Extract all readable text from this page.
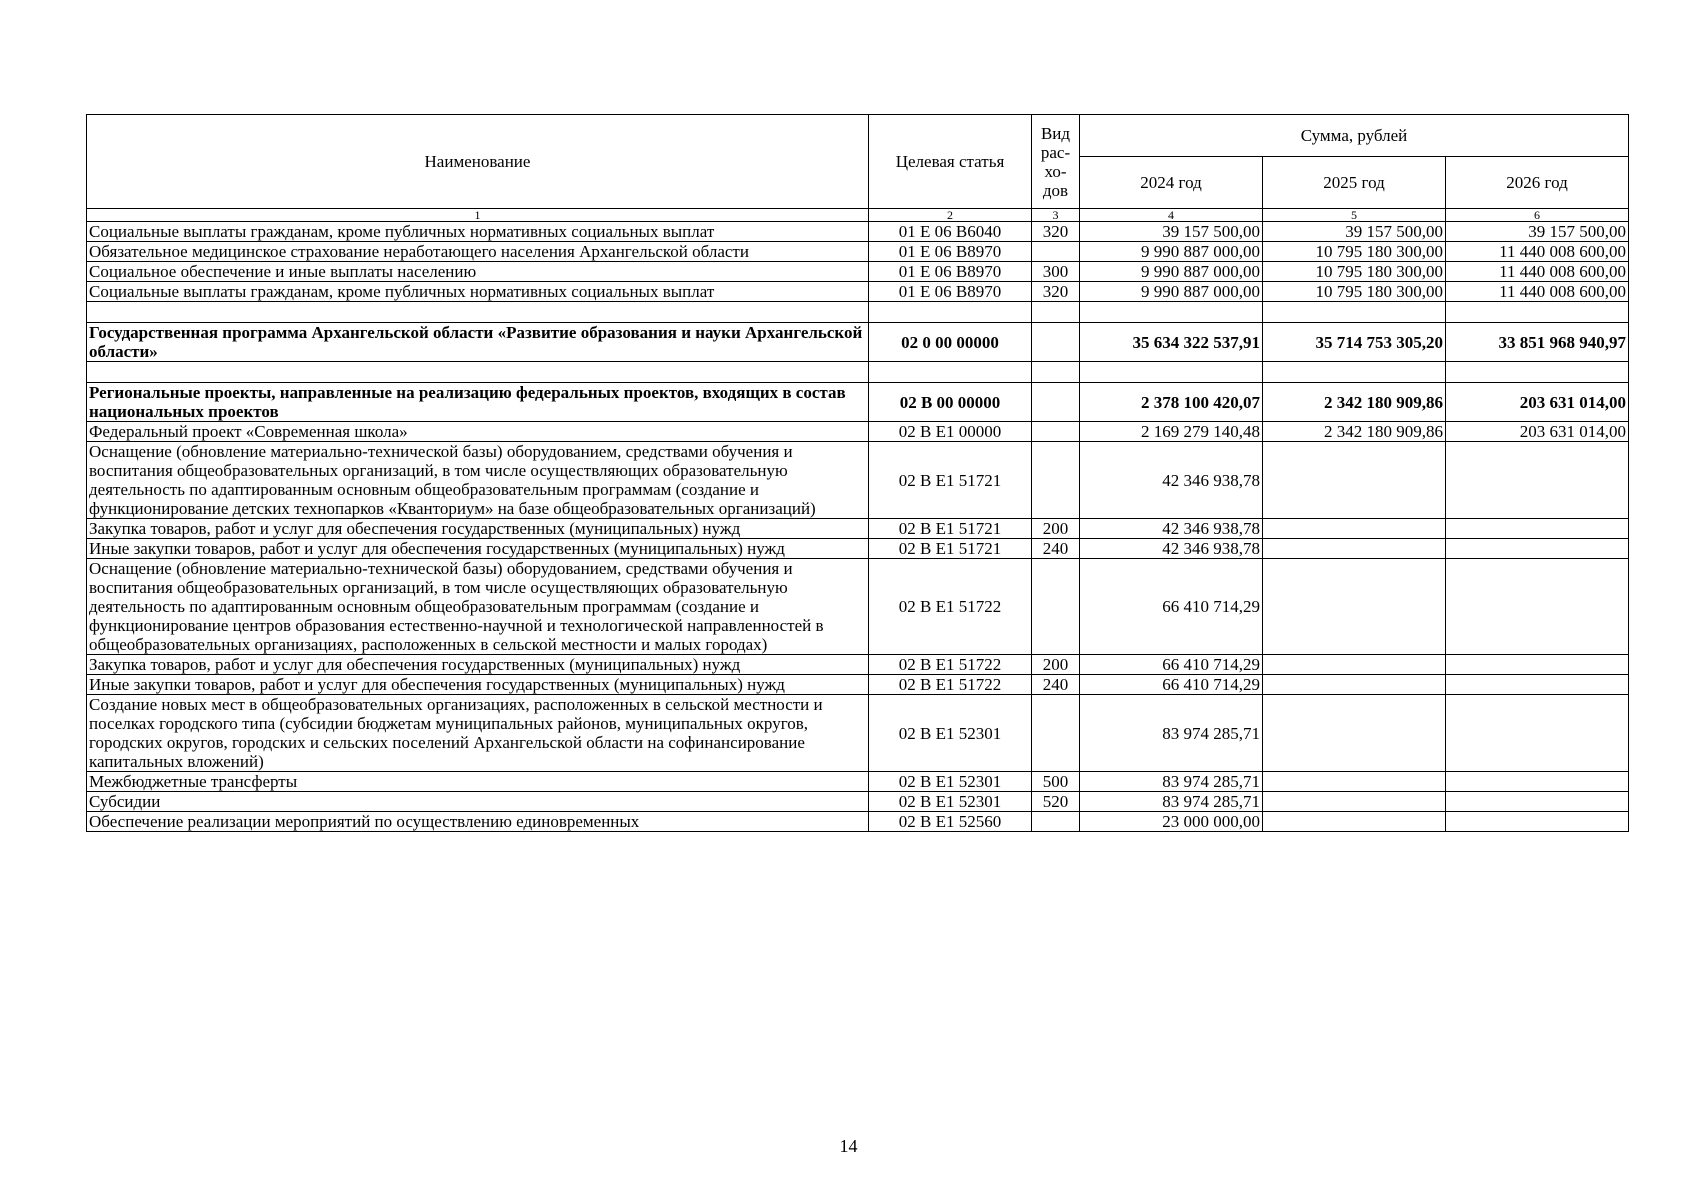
Наименование	Целевая статья	Вид рас-хо-дов	Сумма, рублей		
			2024 год	2025 год	2026 год
1	2	3	4	5	6
Социальные выплаты гражданам, кроме публичных нормативных социальных выплат	01 Е 06 В6040	320	39 157 500,00	39 157 500,00	39 157 500,00
Обязательное медицинское страхование неработающего населения Архангельской области	01 Е 06 В8970		9 990 887 000,00	10 795 180 300,00	11 440 008 600,00
Социальное обеспечение и иные выплаты населению	01 Е 06 В8970	300	9 990 887 000,00	10 795 180 300,00	11 440 008 600,00
Социальные выплаты гражданам, кроме публичных нормативных социальных выплат	01 Е 06 В8970	320	9 990 887 000,00	10 795 180 300,00	11 440 008 600,00

Государственная программа Архангельской области «Развитие образования и науки Архангельской области»	02 0 00 00000		35 634 322 537,91	35 714 753 305,20	33 851 968 940,97

Региональные проекты, направленные на реализацию федеральных проектов, входящих в состав национальных проектов	02 В 00 00000		2 378 100 420,07	2 342 180 909,86	203 631 014,00
Федеральный проект «Современная школа»	02 В Е1 00000		2 169 279 140,48	2 342 180 909,86	203 631 014,00
Оснащение (обновление материально-технической базы) оборудованием, средствами обучения и воспитания общеобразовательных организаций, в том числе осуществляющих образовательную деятельность по адаптированным основным общеобразовательным программам (создание и функционирование детских технопарков «Кванториум» на базе общеобразовательных организаций)	02 В Е1 51721		42 346 938,78		
Закупка товаров, работ и услуг для обеспечения государственных (муниципальных) нужд	02 В Е1 51721	200	42 346 938,78		
Иные закупки товаров, работ и услуг для обеспечения государственных (муниципальных) нужд	02 В Е1 51721	240	42 346 938,78		
Оснащение (обновление материально-технической базы) оборудованием, средствами обучения и воспитания общеобразовательных организаций, в том числе осуществляющих образовательную деятельность по адаптированным основным общеобразовательным программам (создание и функционирование центров образования естественно-научной и технологической направленностей в общеобразовательных организациях, расположенных в сельской местности и малых городах)	02 В Е1 51722		66 410 714,29		
Закупка товаров, работ и услуг для обеспечения государственных (муниципальных) нужд	02 В Е1 51722	200	66 410 714,29		
Иные закупки товаров, работ и услуг для обеспечения государственных (муниципальных) нужд	02 В Е1 51722	240	66 410 714,29		
Создание новых мест в общеобразовательных организациях, расположенных в сельской местности и поселках городского типа (субсидии бюджетам муниципальных районов, муниципальных округов, городских округов, городских и сельских поселений Архангельской области на софинансирование капитальных вложений)	02 В Е1 52301		83 974 285,71		
Межбюджетные трансферты	02 В Е1 52301	500	83 974 285,71		
Субсидии	02 В Е1 52301	520	83 974 285,71		
Обеспечение реализации мероприятий по осуществлению единовременных	02 В Е1 52560		23 000 000,00		
14
